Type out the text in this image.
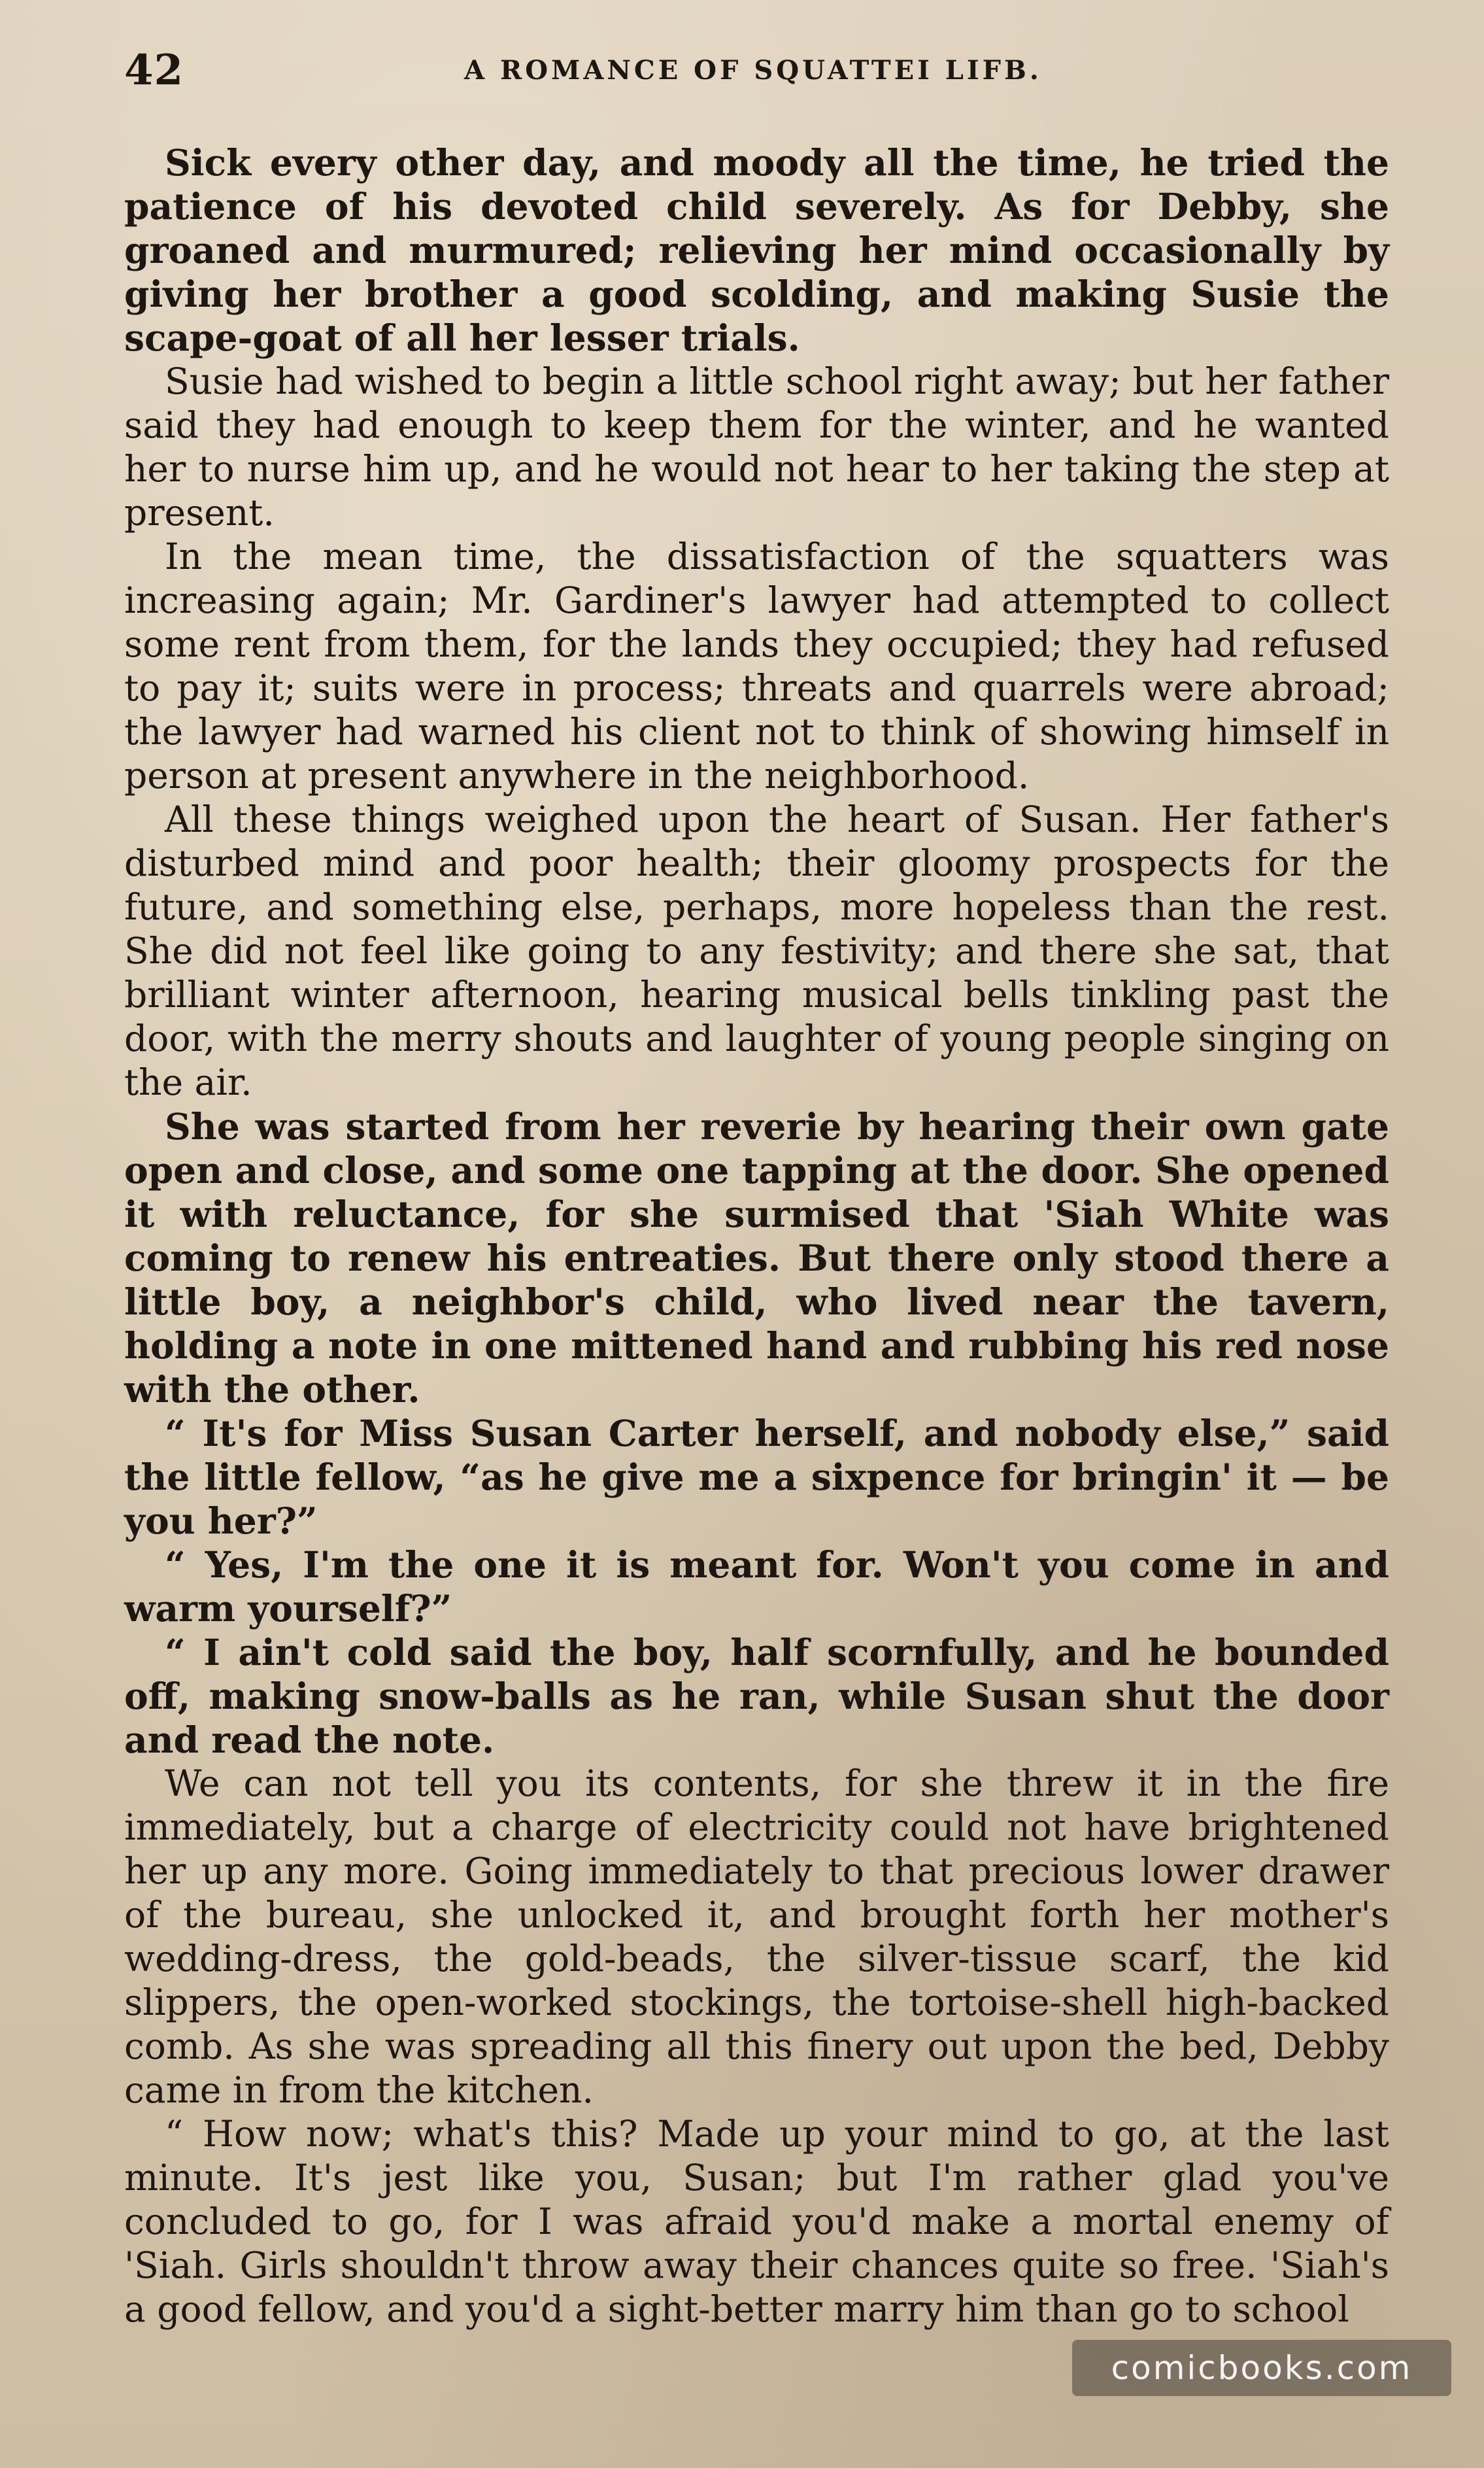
42	A ROMANCE OF SQUATTEI LIFB.

Sick every other day, and moody all the time, he tried the patience of his devoted child severely. As for Debby, she groaned and murmured; relieving her mind occasionally by giving her brother a good scolding, and making Susie the scape-goat of all her lesser trials.

Susie had wished to begin a little school right away; but her father said they had enough to keep them for the winter, and he wanted her to nurse him up, and he would not hear to her taking the step at present.

In the mean time, the dissatisfaction of the squatters was increasing again; Mr. Gardiner's lawyer had attempted to collect some rent from them, for the lands they occupied; they had refused to pay it; suits were in process; threats and quarrels were abroad; the lawyer had warned his client not to think of showing himself in person at present anywhere in the neighborhood.

All these things weighed upon the heart of Susan. Her father's disturbed mind and poor health; their gloomy prospects for the future, and something else, perhaps, more hopeless than the rest. She did not feel like going to any festivity; and there she sat, that brilliant winter afternoon, hearing musical bells tinkling past the door, with the merry shouts and laughter of young people singing on the air.

She was started from her reverie by hearing their own gate open and close, and some one tapping at the door. She opened it with reluctance, for she surmised that 'Siah White was coming to renew his entreaties. But there only stood there a little boy, a neighbor's child, who lived near the tavern, holding a note in one mittened hand and rubbing his red nose with the other.

“ It's for Miss Susan Carter herself, and nobody else,” said the little fellow, “as he give me a sixpence for bringin' it — be you her?”

“ Yes, I'm the one it is meant for. Won't you come in and warm yourself?”

“ I ain't cold said the boy, half scornfully, and he bounded off, making snow-balls as he ran, while Susan shut the door and read the note.

We can not tell you its contents, for she threw it in the fire immediately, but a charge of electricity could not have brightened her up any more. Going immediately to that precious lower drawer of the bureau, she unlocked it, and brought forth her mother's wedding-dress, the gold-beads, the silver-tissue scarf, the kid slippers, the open-worked stockings, the tortoise-shell high-backed comb. As she was spreading all this finery out upon the bed, Debby came in from the kitchen.

“ How now; what's this? Made up your mind to go, at the last minute. It's jest like you, Susan; but I'm rather glad you've concluded to go, for I was afraid you'd make a mortal enemy of 'Siah. Girls shouldn't throw away their chances quite so free. 'Siah's a good fellow, and you'd a sight-better marry him than go to school

comicbooks.com
